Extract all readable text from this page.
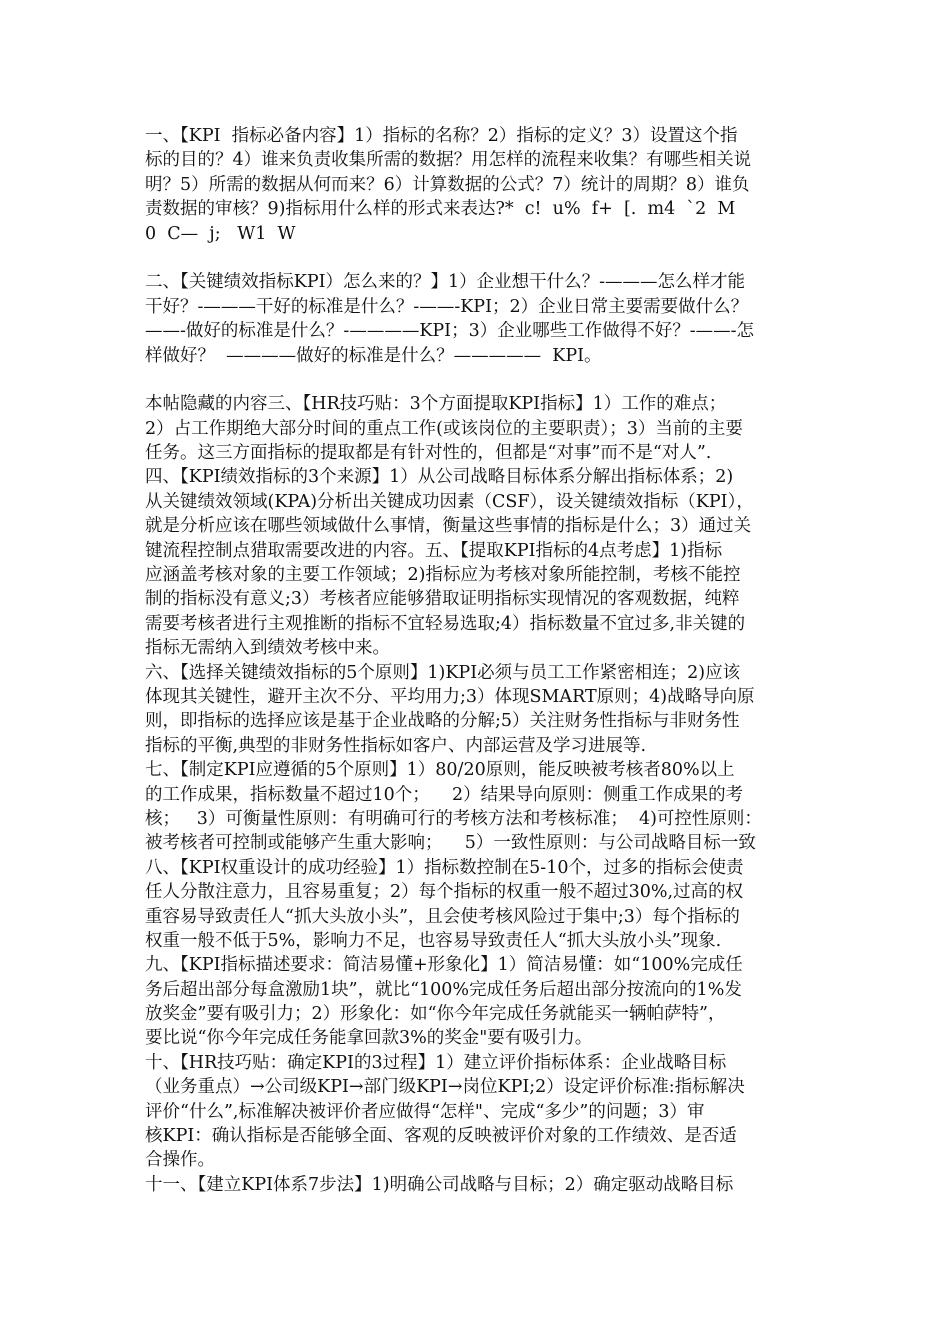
一、【KPI  指标必备内容】1）指标的名称？2）指标的定义？3）设置这个指
标的目的？4）谁来负责收集所需的数据？用怎样的流程来收集？有哪些相关说
明？5）所需的数据从何而来？6）计算数据的公式？7）统计的周期？8）谁负
责数据的审核？9)指标用什么样的形式来表达?*  c!  u%  f+  [.  m4  `2  M
0  C—  j;   W1  W
二、【关键绩效指标KPI）怎么来的？】1）企业想干什么？-———怎么样才能
干好？-———干好的标准是什么？-——-KPI；2）企业日常主要需要做什么？
——-做好的标准是什么？-————KPI；3）企业哪些工作做得不好？-——-怎
样做好？  ————做好的标准是什么？—————  KPI。
本帖隐藏的内容三、【HR技巧贴：3个方面提取KPI指标】1）工作的难点；
2）占工作期绝大部分时间的重点工作(或该岗位的主要职责）；3）当前的主要
任务。这三方面指标的提取都是有针对性的，但都是“对事”而不是“对人”.
四、【KPI绩效指标的3个来源】1）从公司战略目标体系分解出指标体系；2)
从关键绩效领域(KPA)分析出关键成功因素（CSF），设关键绩效指标（KPI），
就是分析应该在哪些领域做什么事情，衡量这些事情的指标是什么；3）通过关
键流程控制点猎取需要改进的内容。五、【提取KPI指标的4点考虑】1)指标
应涵盖考核对象的主要工作领域；2)指标应为考核对象所能控制，考核不能控
制的指标没有意义;3）考核者应能够猎取证明指标实现情况的客观数据，纯粹
需要考核者进行主观推断的指标不宜轻易选取;4）指标数量不宜过多,非关键的
指标无需纳入到绩效考核中来。
六、【选择关键绩效指标的5个原则】1)KPI必须与员工工作紧密相连；2)应该
体现其关键性，避开主次不分、平均用力;3）体现SMART原则；4)战略导向原
则，即指标的选择应该是基于企业战略的分解;5）关注财务性指标与非财务性
指标的平衡,典型的非财务性指标如客户、内部运营及学习进展等.
七、【制定KPI应遵循的5个原则】1）80/20原则，能反映被考核者80%以上
的工作成果，指标数量不超过10个；    2）结果导向原则：侧重工作成果的考
核；   3）可衡量性原则：有明确可行的考核方法和考核标准；  4)可控性原则：
被考核者可控制或能够产生重大影响；    5）一致性原则：与公司战略目标一致
八、【KPI权重设计的成功经验】1）指标数控制在5-10个，过多的指标会使责
任人分散注意力，且容易重复；2）每个指标的权重一般不超过30%,过高的权
重容易导致责任人“抓大头放小头”，且会使考核风险过于集中;3）每个指标的
权重一般不低于5%，影响力不足，也容易导致责任人“抓大头放小头”现象.
九、【KPI指标描述要求：简洁易懂+形象化】1）简洁易懂：如“100%完成任
务后超出部分每盒激励1块”，就比“100%完成任务后超出部分按流向的1%发
放奖金”要有吸引力；2）形象化：如“你今年完成任务就能买一辆帕萨特”，
要比说“你今年完成任务能拿回款3%的奖金"要有吸引力。
十、【HR技巧贴：确定KPI的3过程】1）建立评价指标体系：企业战略目标
（业务重点）→公司级KPI→部门级KPI→岗位KPI;2）设定评价标准:指标解决
评价“什么”,标准解决被评价者应做得“怎样"、完成“多少”的问题；3）审
核KPI：确认指标是否能够全面、客观的反映被评价对象的工作绩效、是否适
合操作。
十一、【建立KPI体系7步法】1)明确公司战略与目标；2）确定驱动战略目标
